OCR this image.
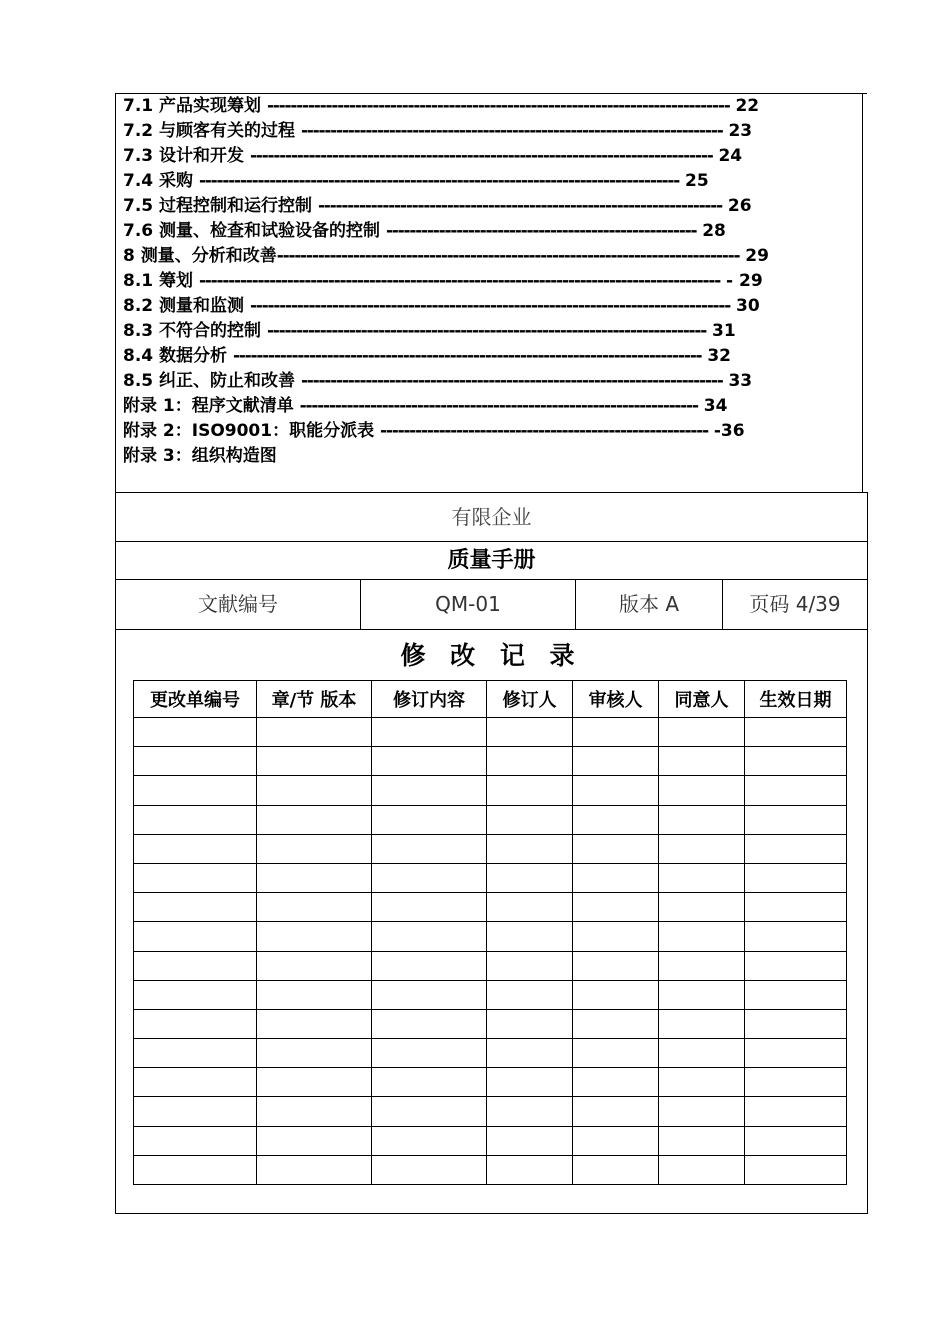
7.1 产品实现筹划 ------------------------------------------------------------------------------- 22
7.2 与顾客有关的过程 ------------------------------------------------------------------------ 23
7.3 设计和开发 ------------------------------------------------------------------------------- 24
7.4 采购 ---------------------------------------------------------------------------------- 25
7.5 过程控制和运行控制 --------------------------------------------------------------------- 26
7.6 测量、检查和试验设备的控制 ----------------------------------------------------- 28
8 测量、分析和改善------------------------------------------------------------------------------- 29
8.1 筹划 ----------------------------------------------------------------------------------------- - 29
8.2 测量和监测 ---------------------------------------------------------------------------------- 30
8.3 不符合的控制 --------------------------------------------------------------------------- 31
8.4 数据分析 -------------------------------------------------------------------------------- 32
8.5 纠正、防止和改善 ------------------------------------------------------------------------ 33
附录 1：程序文献清单 -------------------------------------------------------------------- 34
附录 2：ISO9001：职能分派表 -------------------------------------------------------- -36
附录 3：组织构造图
有限企业
质量手册
文献编号	QM-01	版本 A	页码 4/39
修 改 记 录
更改单编号	章/节 版本	修订内容	修订人	审核人	同意人	生效日期
